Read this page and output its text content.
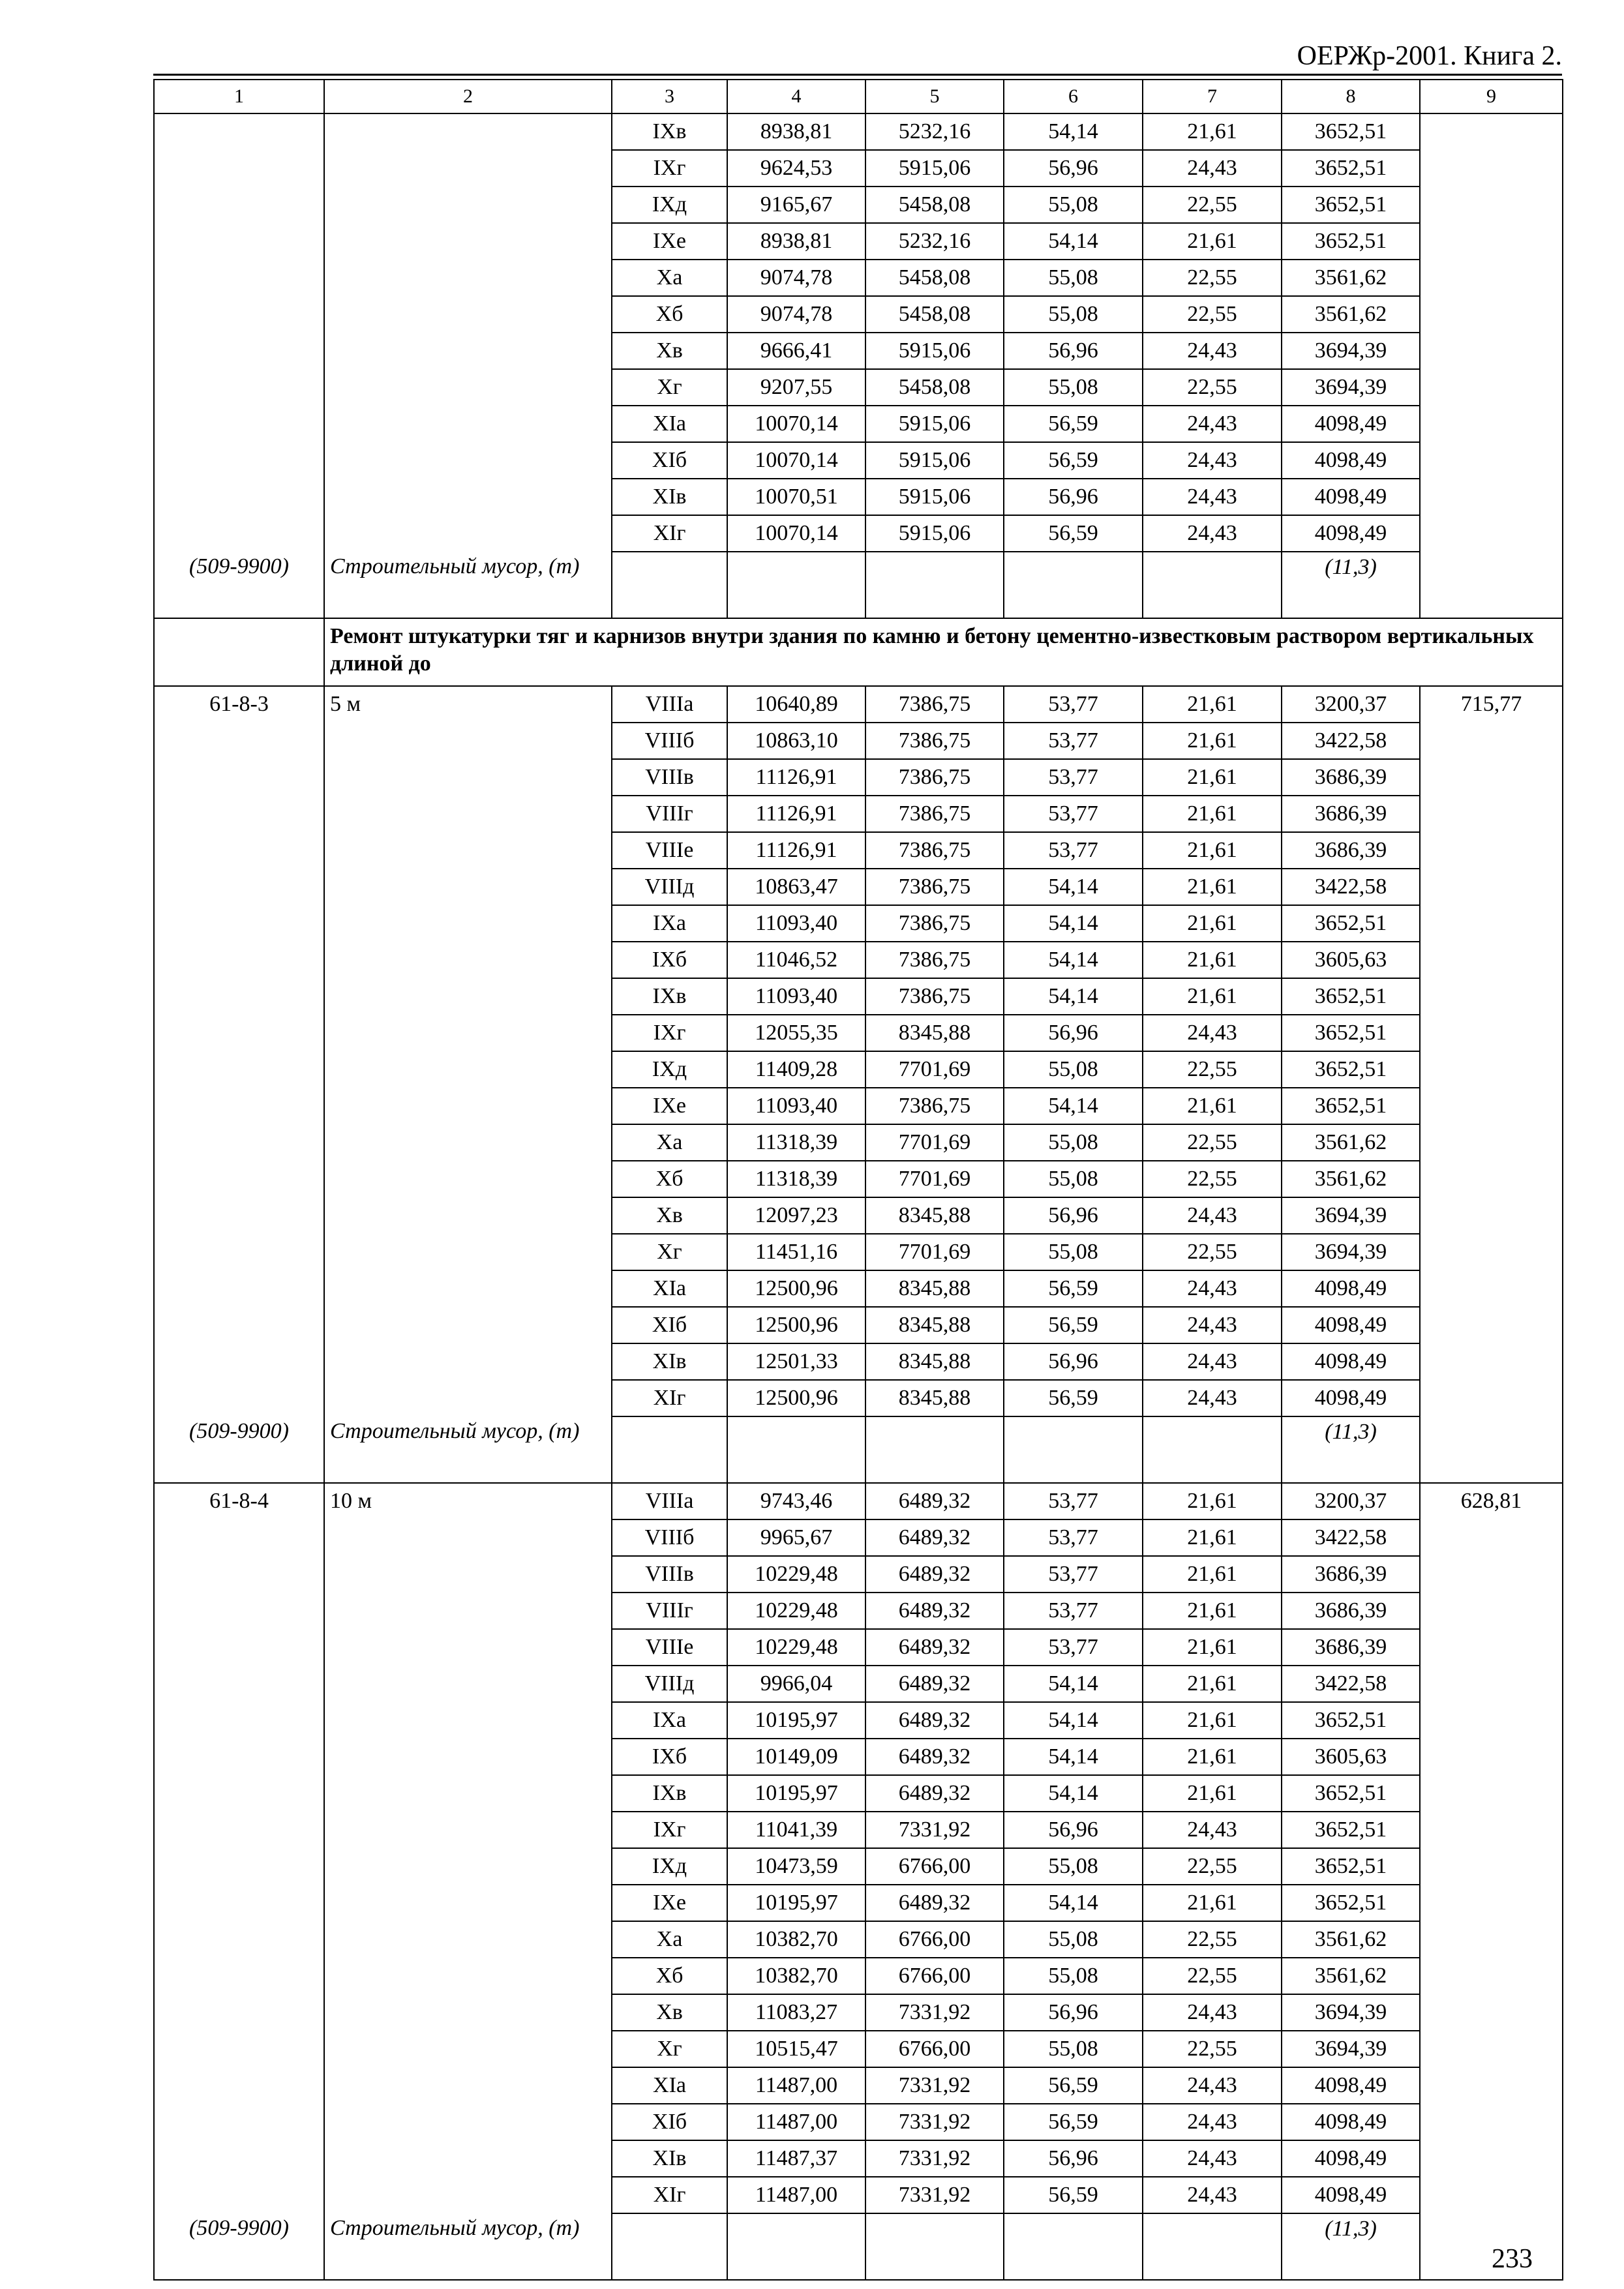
ОЕРЖр-2001. Книга 2.
1	2	3	4	5	6	7	8	9
		IXв	8938,81	5232,16	54,14	21,61	3652,51	
		IXг	9624,53	5915,06	56,96	24,43	3652,51	
		IXд	9165,67	5458,08	55,08	22,55	3652,51	
		IXе	8938,81	5232,16	54,14	21,61	3652,51	
		Xа	9074,78	5458,08	55,08	22,55	3561,62	
		Xб	9074,78	5458,08	55,08	22,55	3561,62	
		Xв	9666,41	5915,06	56,96	24,43	3694,39	
		Xг	9207,55	5458,08	55,08	22,55	3694,39	
		XIа	10070,14	5915,06	56,59	24,43	4098,49	
		XIб	10070,14	5915,06	56,59	24,43	4098,49	
		XIв	10070,51	5915,06	56,96	24,43	4098,49	
		XIг	10070,14	5915,06	56,59	24,43	4098,49	
(509-9900)	Строительный мусор, (т)						(11,3)	
	Ремонт штукатурки тяг и карнизов внутри здания по камню и бетону цементно-известковым раствором вертикальных длиной до							
61-8-3	5 м	VIIIа	10640,89	7386,75	53,77	21,61	3200,37	715,77
		VIIIб	10863,10	7386,75	53,77	21,61	3422,58	
		VIIIв	11126,91	7386,75	53,77	21,61	3686,39	
		VIIIг	11126,91	7386,75	53,77	21,61	3686,39	
		VIIIе	11126,91	7386,75	53,77	21,61	3686,39	
		VIIIд	10863,47	7386,75	54,14	21,61	3422,58	
		IXа	11093,40	7386,75	54,14	21,61	3652,51	
		IXб	11046,52	7386,75	54,14	21,61	3605,63	
		IXв	11093,40	7386,75	54,14	21,61	3652,51	
		IXг	12055,35	8345,88	56,96	24,43	3652,51	
		IXд	11409,28	7701,69	55,08	22,55	3652,51	
		IXе	11093,40	7386,75	54,14	21,61	3652,51	
		Xа	11318,39	7701,69	55,08	22,55	3561,62	
		Xб	11318,39	7701,69	55,08	22,55	3561,62	
		Xв	12097,23	8345,88	56,96	24,43	3694,39	
		Xг	11451,16	7701,69	55,08	22,55	3694,39	
		XIа	12500,96	8345,88	56,59	24,43	4098,49	
		XIб	12500,96	8345,88	56,59	24,43	4098,49	
		XIв	12501,33	8345,88	56,96	24,43	4098,49	
		XIг	12500,96	8345,88	56,59	24,43	4098,49	
(509-9900)	Строительный мусор, (т)						(11,3)	
61-8-4	10 м	VIIIа	9743,46	6489,32	53,77	21,61	3200,37	628,81
		VIIIб	9965,67	6489,32	53,77	21,61	3422,58	
		VIIIв	10229,48	6489,32	53,77	21,61	3686,39	
		VIIIг	10229,48	6489,32	53,77	21,61	3686,39	
		VIIIе	10229,48	6489,32	53,77	21,61	3686,39	
		VIIIд	9966,04	6489,32	54,14	21,61	3422,58	
		IXа	10195,97	6489,32	54,14	21,61	3652,51	
		IXб	10149,09	6489,32	54,14	21,61	3605,63	
		IXв	10195,97	6489,32	54,14	21,61	3652,51	
		IXг	11041,39	7331,92	56,96	24,43	3652,51	
		IXд	10473,59	6766,00	55,08	22,55	3652,51	
		IXе	10195,97	6489,32	54,14	21,61	3652,51	
		Xа	10382,70	6766,00	55,08	22,55	3561,62	
		Xб	10382,70	6766,00	55,08	22,55	3561,62	
		Xв	11083,27	7331,92	56,96	24,43	3694,39	
		Xг	10515,47	6766,00	55,08	22,55	3694,39	
		XIа	11487,00	7331,92	56,59	24,43	4098,49	
		XIб	11487,00	7331,92	56,59	24,43	4098,49	
		XIв	11487,37	7331,92	56,96	24,43	4098,49	
		XIг	11487,00	7331,92	56,59	24,43	4098,49	
(509-9900)	Строительный мусор, (т)						(11,3)	
233
